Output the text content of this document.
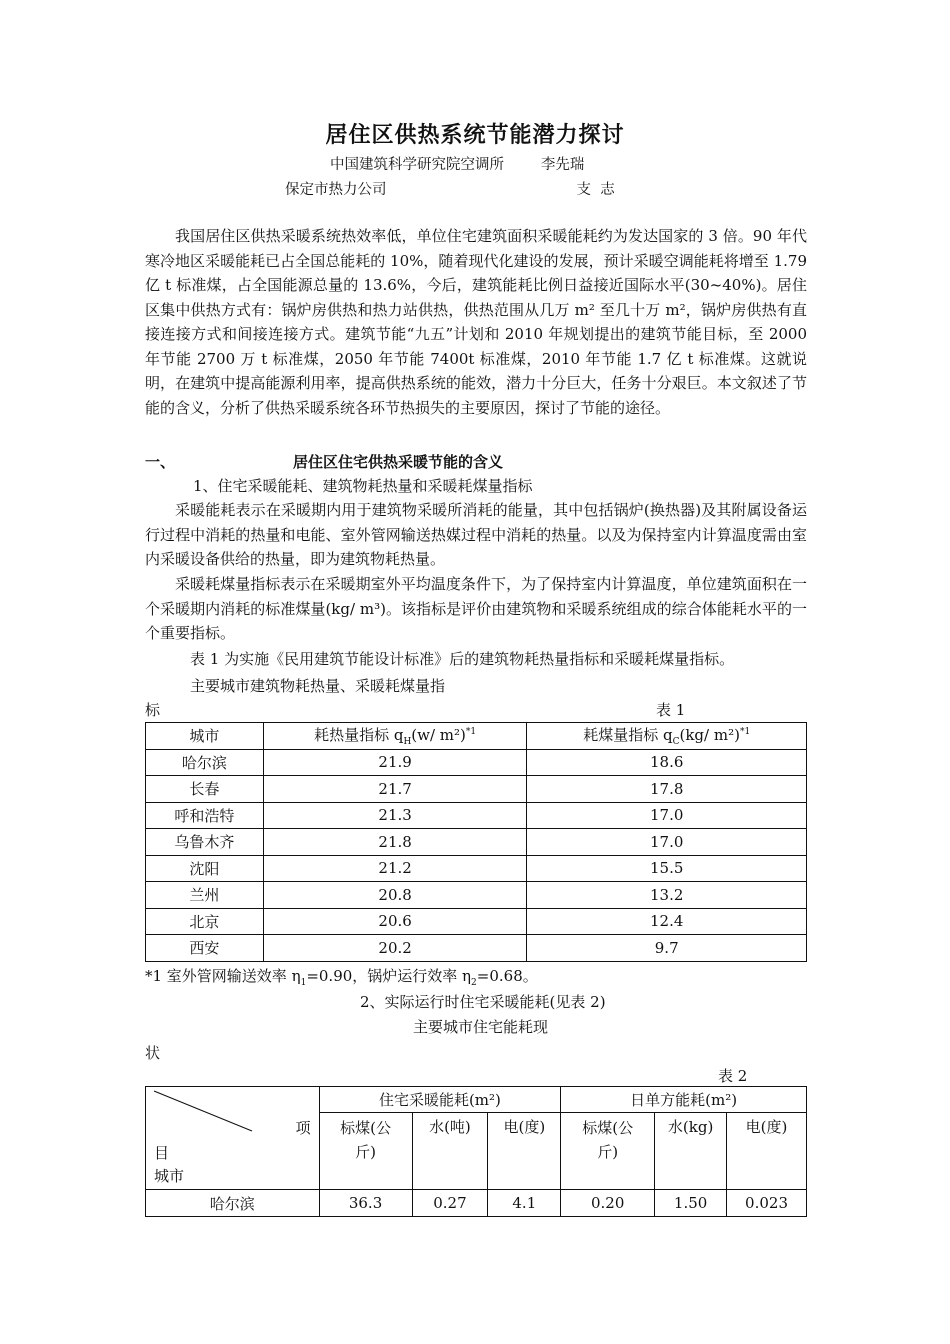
居住区供热系统节能潜力探讨
中国建筑科学研究院空调所	李先瑞
保定市热力公司	支  志
我国居住区供热采暖系统热效率低，单位住宅建筑面积采暖能耗约为发达国家的 3 倍。90 年代寒冷地区采暖能耗已占全国总能耗的 10%，随着现代化建设的发展，预计采暖空调能耗将增至 1.79 亿 t 标准煤，占全国能源总量的 13.6%，今后，建筑能耗比例日益接近国际水平(30~40%)。居住区集中供热方式有：锅炉房供热和热力站供热，供热范围从几万 m² 至几十万 m²，锅炉房供热有直接连接方式和间接连接方式。建筑节能“九五”计划和 2010 年规划提出的建筑节能目标，至 2000 年节能 2700 万 t 标准煤，2050 年节能 7400t 标准煤，2010 年节能 1.7 亿 t 标准煤。这就说明，在建筑中提高能源利用率，提高供热系统的能效，潜力十分巨大，任务十分艰巨。本文叙述了节能的含义，分析了供热采暖系统各环节热损失的主要原因，探讨了节能的途径。
一、	居住区住宅供热采暖节能的含义
1、住宅采暖能耗、建筑物耗热量和采暖耗煤量指标
采暖能耗表示在采暖期内用于建筑物采暖所消耗的能量，其中包括锅炉(换热器)及其附属设备运行过程中消耗的热量和电能、室外管网输送热媒过程中消耗的热量。以及为保持室内计算温度需由室内采暖设备供给的热量，即为建筑物耗热量。
采暖耗煤量指标表示在采暖期室外平均温度条件下，为了保持室内计算温度，单位建筑面积在一个采暖期内消耗的标准煤量(kg/ m³)。该指标是评价由建筑物和采暖系统组成的综合体能耗水平的一个重要指标。
表 1 为实施《民用建筑节能设计标准》后的建筑物耗热量指标和采暖耗煤量指标。
主要城市建筑物耗热量、采暖耗煤量指
标	表 1
城市	耗热量指标 $q_H(w/$ m²)$^{*1}$	耗煤量指标 $q_C(kg/$ m²)$^{*1}$
哈尔滨	21.9	18.6
长春	21.7	17.8
呼和浩特	21.3	17.0
乌鲁木齐	21.8	17.0
沈阳	21.2	15.5
兰州	20.8	13.2
北京	20.6	12.4
西安	20.2	9.7
*1 室外管网输送效率 $\eta_1=0.90$，锅炉运行效率 $\eta_2=0.68$。
2、实际运行时住宅采暖能耗(见表 2)
主要城市住宅能耗现
状
表 2
项
目
城市	住宅采暖能耗(m²)			日单方能耗(m²)		
	标煤(公斤)	水(吨)	电(度)	标煤(公斤)	水(kg)	电(度)
哈尔滨	36.3	0.27	4.1	0.20	1.50	0.023
